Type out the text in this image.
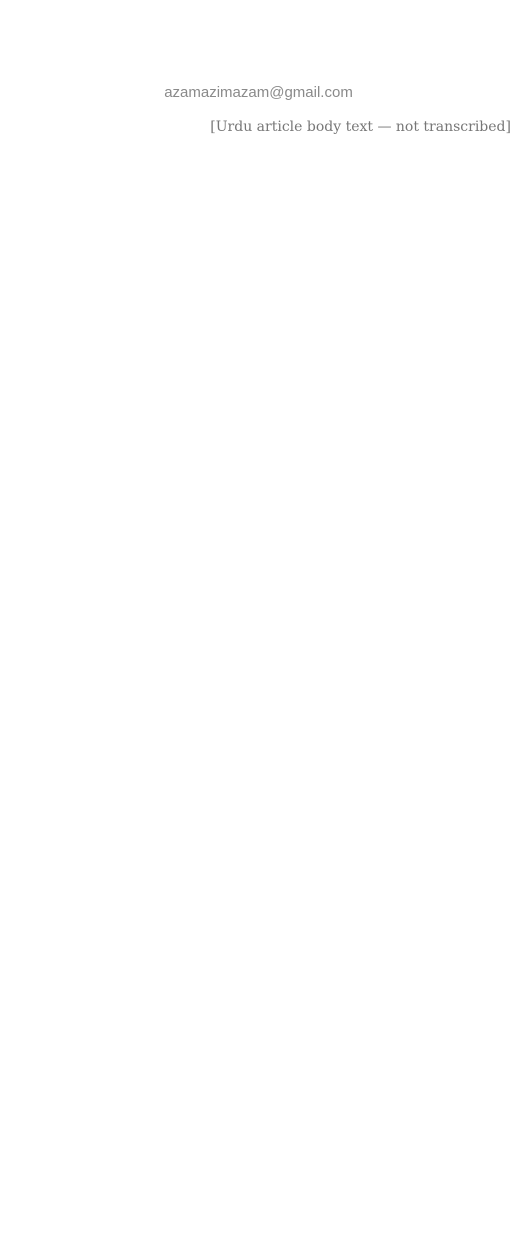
azamazimazam@gmail.com
[Urdu article body text — not transcribed]
